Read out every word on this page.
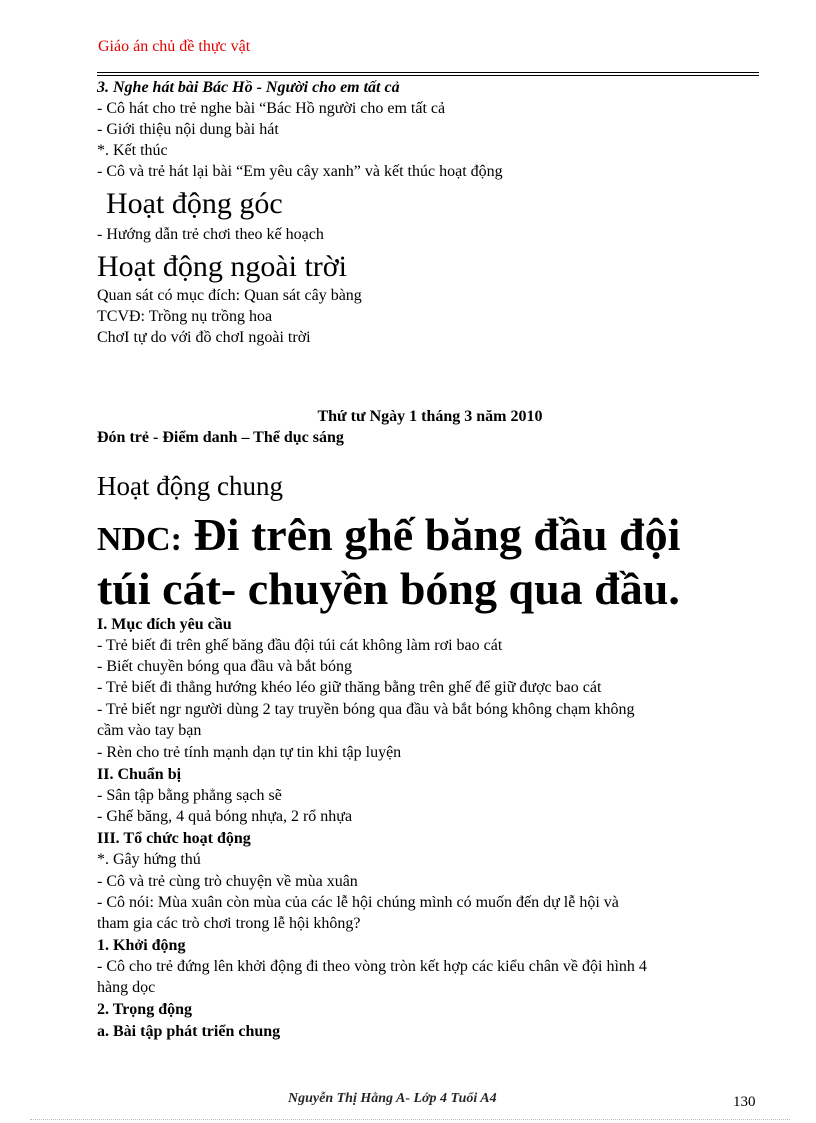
Giáo án chủ đề thực vật
3. Nghe hát bài Bác Hồ - Người cho em tất cả
- Cô hát cho trẻ nghe bài “Bác Hồ người cho em tất cả
- Giới thiệu nội dung bài hát
*. Kết thúc
- Cô và trẻ hát lại bài “Em yêu cây xanh” và kết thúc hoạt động
Hoạt động góc
- Hướng dẫn trẻ chơi theo kế hoạch
Hoạt động ngoài trời
Quan sát có mục đích: Quan sát cây bàng
TCVĐ: Trồng nụ trồng hoa
ChơI tự do với đồ chơI ngoài trời
Thứ tư Ngày 1 tháng 3 năm 2010
Đón trẻ - Điểm danh – Thể dục sáng
Hoạt động chung
NDC: Đi trên ghế băng đầu đội
túi cát- chuyền bóng qua đầu.
I. Mục đích yêu cầu
- Trẻ biết đi trên ghế băng đầu đội túi cát không làm rơi bao cát
- Biết chuyền bóng qua đầu và bắt bóng
- Trẻ biết đi thẳng hướng khéo léo giữ thăng bằng trên ghế để giữ được bao cát
- Trẻ biết ngr người dùng 2 tay truyền bóng qua đầu và bắt bóng không chạm không
cầm vào tay bạn
- Rèn cho trẻ tính mạnh dạn tự tin khi tập luyện
II. Chuẩn bị
- Sân tập bằng phẳng sạch sẽ
- Ghế băng, 4 quả bóng nhựa, 2 rổ nhựa
III. Tổ chức hoạt động
*. Gây hứng thú
- Cô và trẻ cùng trò chuyện về mùa xuân
- Cô nói: Mùa xuân còn mùa của các lễ hội chúng mình có muốn đến dự lễ hội và
tham gia các trò chơi trong lễ hội không?
1. Khởi động
- Cô cho trẻ đứng lên khởi động đi theo vòng tròn kết hợp các kiểu chân về đội hình 4
hàng dọc
2. Trọng động
a. Bài tập phát triển chung
Nguyễn Thị Hằng A- Lớp 4 Tuổi A4	130
